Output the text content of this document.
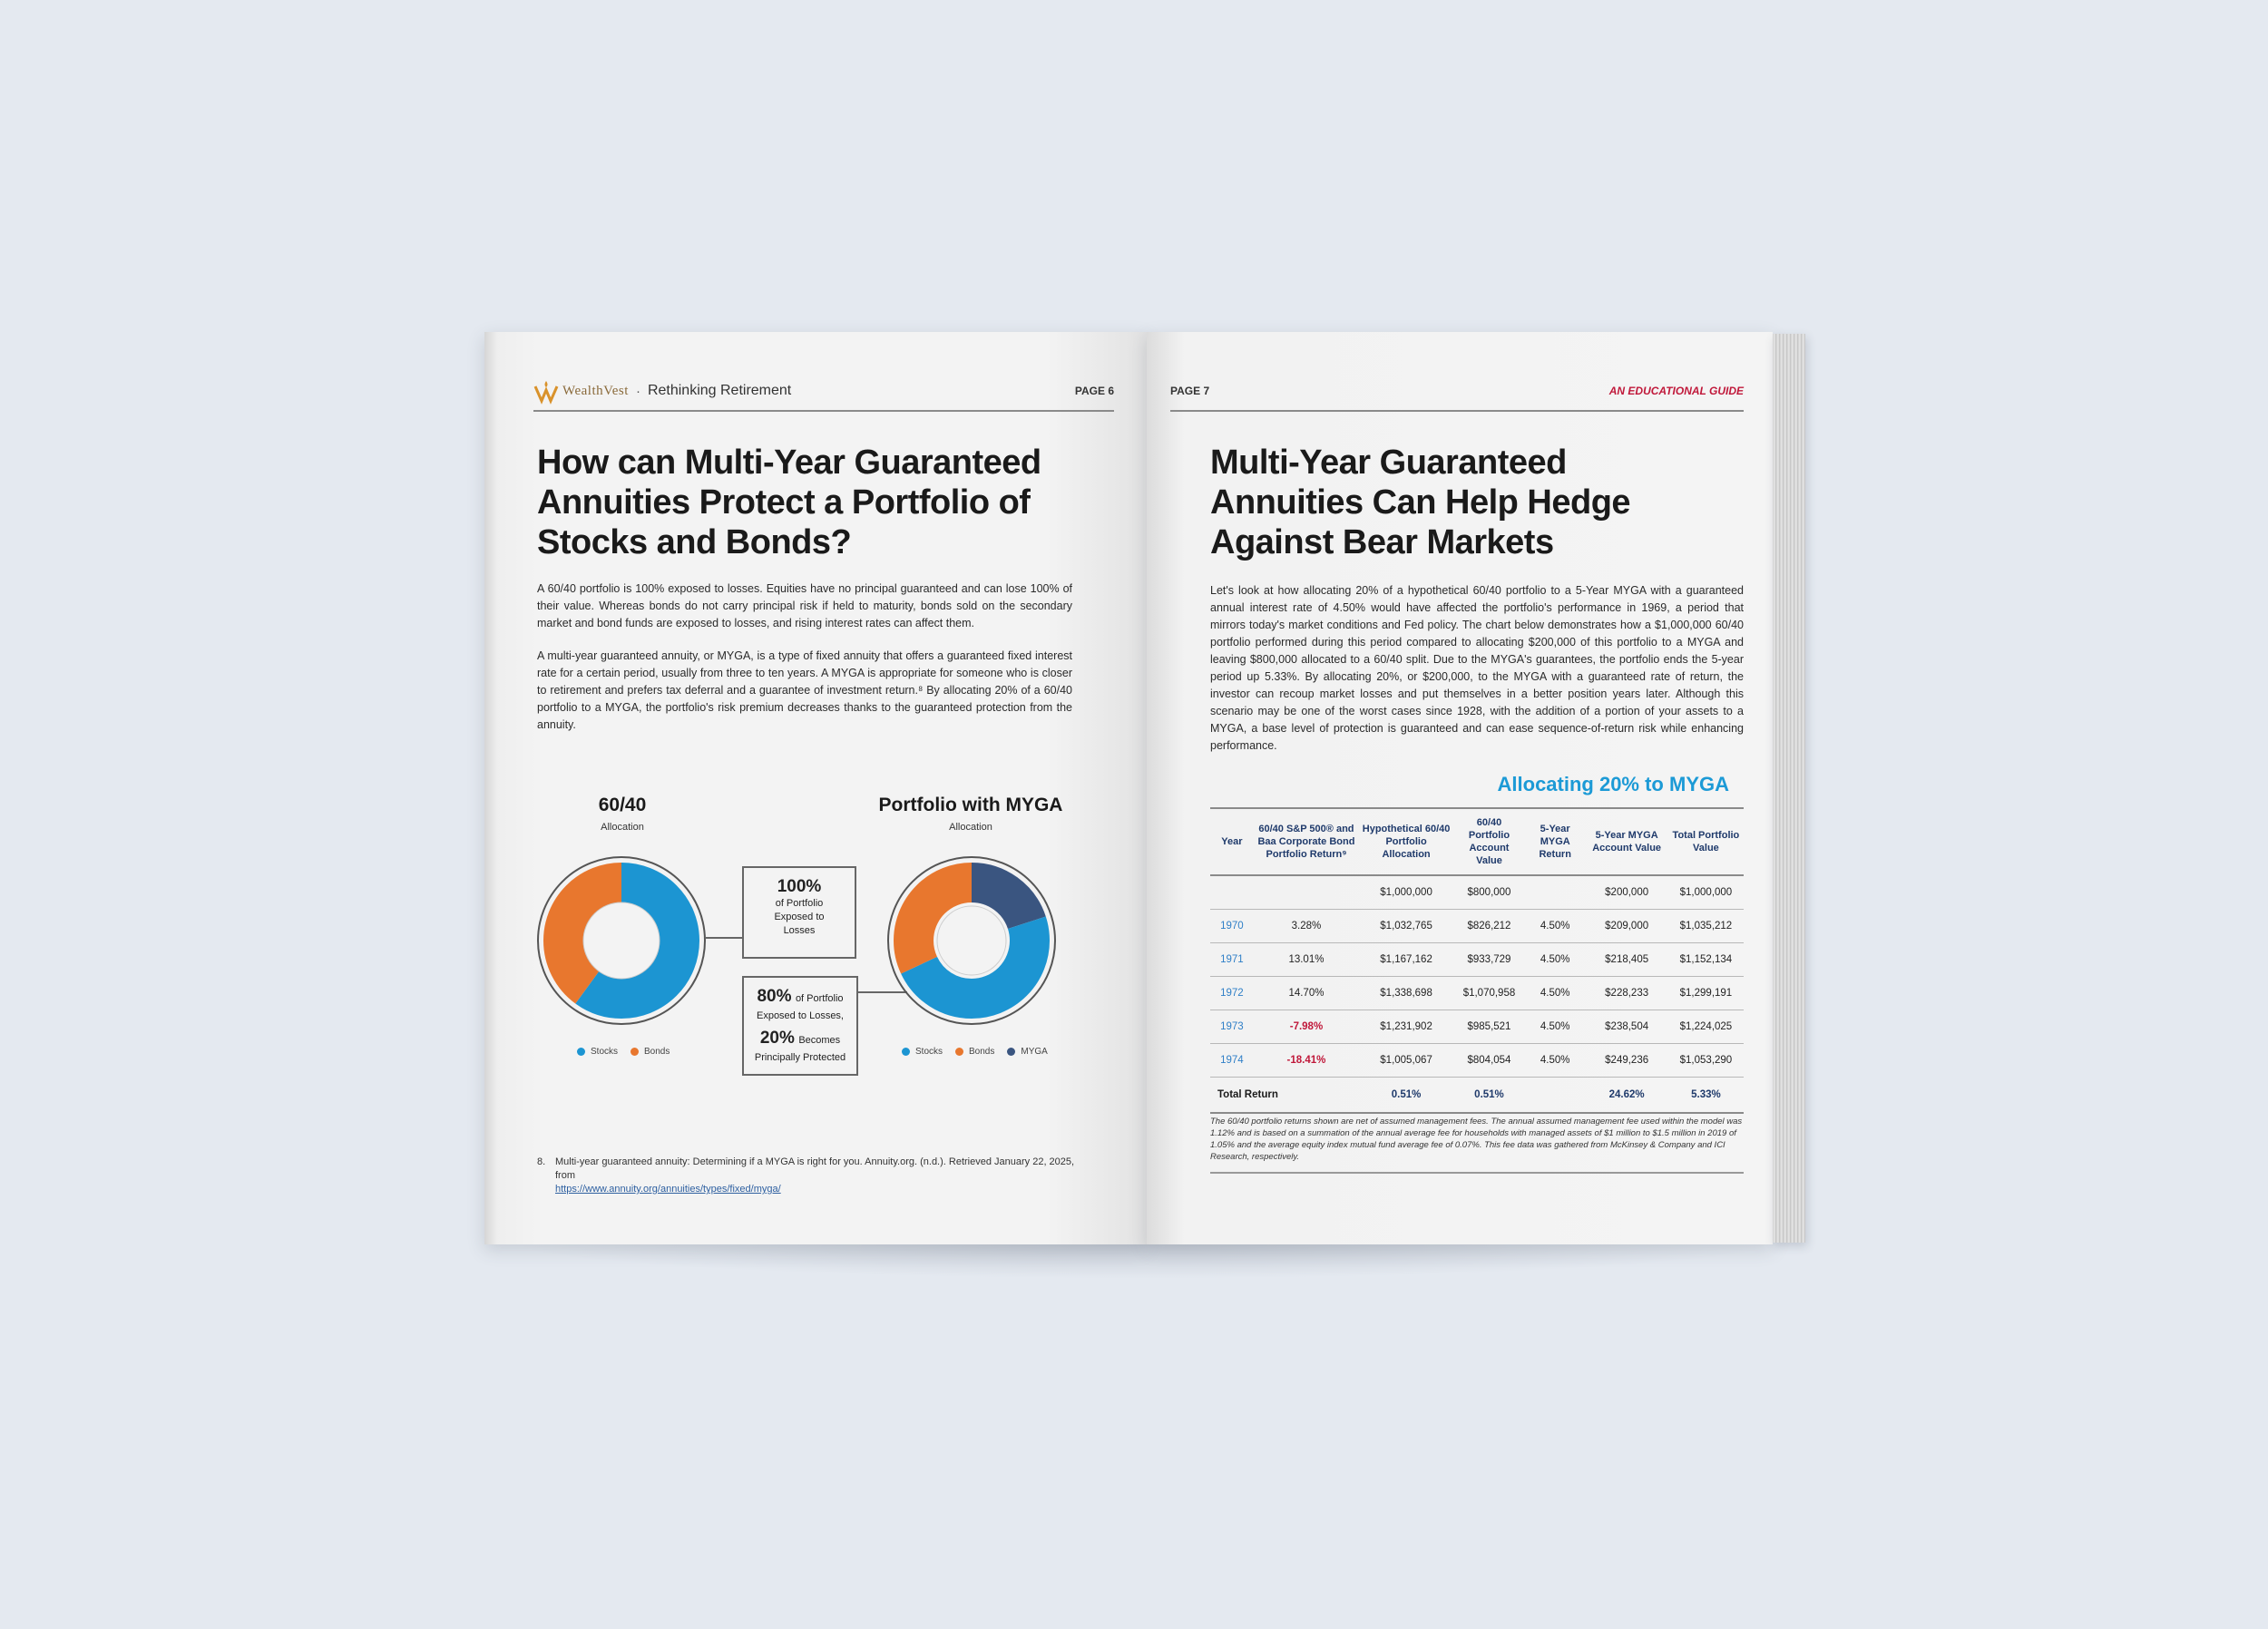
WealthVest · Rethinking Retirement	PAGE 6
How can Multi-Year Guaranteed Annuities Protect a Portfolio of Stocks and Bonds?

A 60/40 portfolio is 100% exposed to losses. Equities have no principal guaranteed and can lose 100% of their value. Whereas bonds do not carry principal risk if held to maturity, bonds sold on the secondary market and bond funds are exposed to losses, and rising interest rates can affect them.

A multi-year guaranteed annuity, or MYGA, is a type of fixed annuity that offers a guaranteed fixed interest rate for a certain period, usually from three to ten years. A MYGA is appropriate for someone who is closer to retirement and prefers tax deferral and a guarantee of investment return.⁸ By allocating 20% of a 60/40 portfolio to a MYGA, the portfolio's risk premium decreases thanks to the guaranteed protection from the annuity.

60/40
Allocation
Stocks	Bonds
100%
of Portfolio Exposed to Losses
80% of Portfolio Exposed to Losses,
20% Becomes Principally Protected
Portfolio with MYGA
Allocation
Stocks	Bonds	MYGA
8. Multi-year guaranteed annuity: Determining if a MYGA is right for you. Annuity.org. (n.d.). Retrieved January 22, 2025, from
https://www.annuity.org/annuities/types/fixed/myga/
PAGE 7	AN EDUCATIONAL GUIDE
Multi-Year Guaranteed Annuities Can Help Hedge Against Bear Markets

Let's look at how allocating 20% of a hypothetical 60/40 portfolio to a 5-Year MYGA with a guaranteed annual interest rate of 4.50% would have affected the portfolio's performance in 1969, a period that mirrors today's market conditions and Fed policy. The chart below demonstrates how a $1,000,000 60/40 portfolio performed during this period compared to allocating $200,000 of this portfolio to a MYGA and leaving $800,000 allocated to a 60/40 split. Due to the MYGA's guarantees, the portfolio ends the 5-year period up 5.33%. By allocating 20%, or $200,000, to the MYGA with a guaranteed rate of return, the investor can recoup market losses and put themselves in a better position years later. Although this scenario may be one of the worst cases since 1928, with the addition of a portion of your assets to a MYGA, a base level of protection is guaranteed and can ease sequence-of-return risk while enhancing performance.

Allocating 20% to MYGA
Year	60/40 S&P 500® and Baa Corporate Bond Portfolio Return⁹	Hypothetical 60/40 Portfolio Allocation	60/40 Portfolio Account Value	5-Year MYGA Return	5-Year MYGA Account Value	Total Portfolio Value
		$1,000,000	$800,000		$200,000	$1,000,000
1970	3.28%	$1,032,765	$826,212	4.50%	$209,000	$1,035,212
1971	13.01%	$1,167,162	$933,729	4.50%	$218,405	$1,152,134
1972	14.70%	$1,338,698	$1,070,958	4.50%	$228,233	$1,299,191
1973	-7.98%	$1,231,902	$985,521	4.50%	$238,504	$1,224,025
1974	-18.41%	$1,005,067	$804,054	4.50%	$249,236	$1,053,290
Total Return		0.51%	0.51%		24.62%	5.33%
The 60/40 portfolio returns shown are net of assumed management fees. The annual assumed management fee used within the model was 1.12% and is based on a summation of the annual average fee for households with managed assets of $1 million to $1.5 million in 2019 of 1.05% and the average equity index mutual fund average fee of 0.07%. This fee data was gathered from McKinsey & Company and ICI Research, respectively.
